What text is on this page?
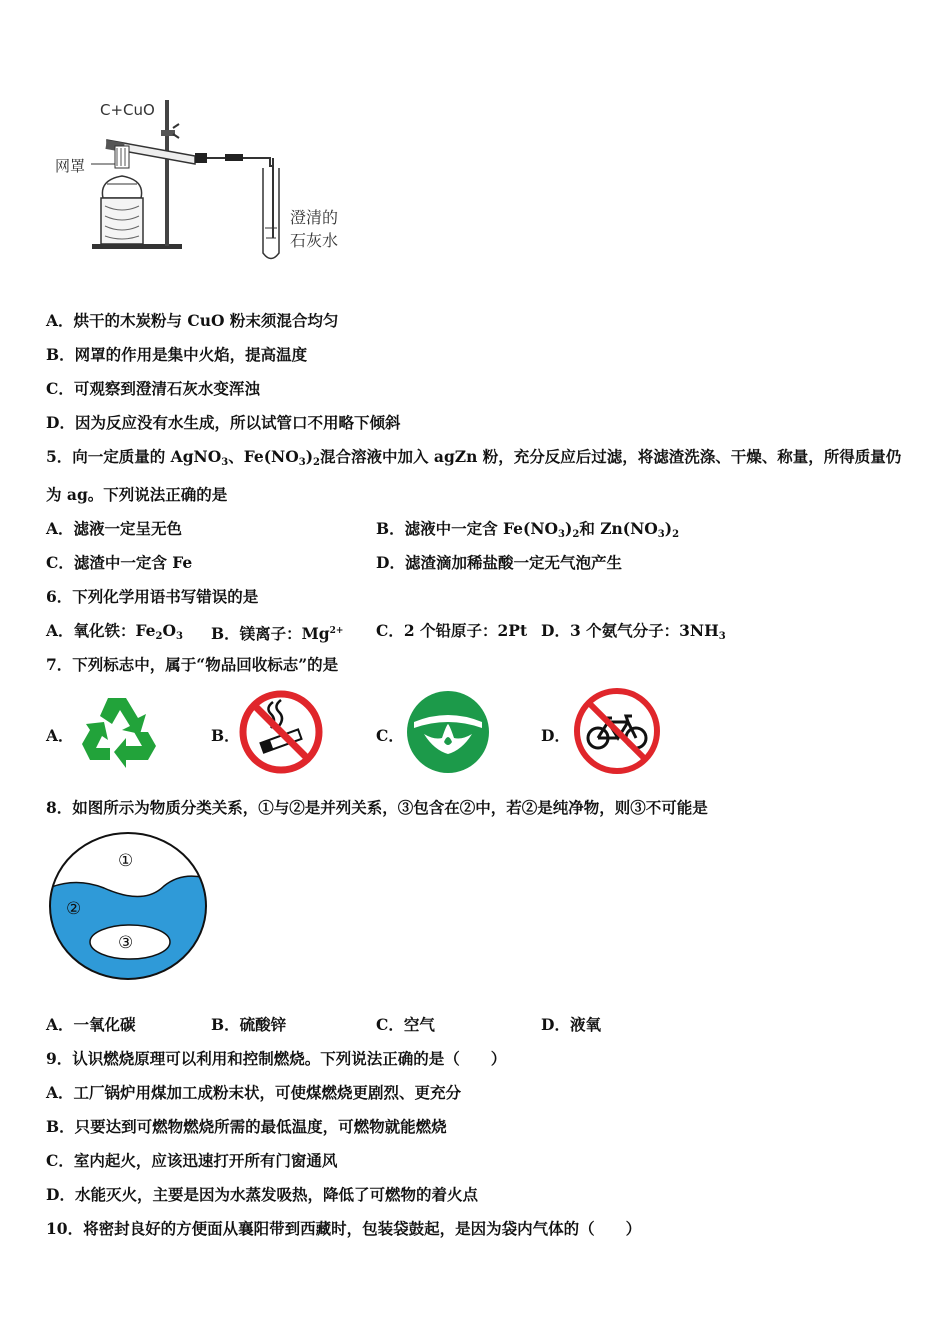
C+CuO
网罩
澄清的
石灰水
A．烘干的木炭粉与 CuO 粉末须混合均匀
B．网罩的作用是集中火焰，提高温度
C．可观察到澄清石灰水变浑浊
D．因为反应没有水生成，所以试管口不用略下倾斜
5．向一定质量的 AgNO$_3$、$Fe(NO_3)_2$混合溶液中加入 agZn 粉，充分反应后过滤，将滤渣洗涤、干燥、称量，所得质量仍
为 ag。下列说法正确的是
A．滤液一定呈无色	B．滤液中一定含 $Fe(NO_3)_2$和 $Zn(NO_3)_2$
C．滤渣中一定含 Fe	D．滤渣滴加稀盐酸一定无气泡产生
6．下列化学用语书写错误的是
A．氧化铁：$Fe_2O_3$ B．镁离子：$Mg^{2+}$ C．2 个铅原子：2Pt D．3 个氨气分子：$3NH_3$
7．下列标志中，属于“物品回收标志”的是
A．	B．	C．	D．
8．如图所示为物质分类关系，①与②是并列关系，③包含在②中，若②是纯净物，则③不可能是
①
②
③
A．一氧化碳	B．硫酸锌	C．空气	D．液氧
9．认识燃烧原理可以利用和控制燃烧。下列说法正确的是（　　）
A．工厂锅炉用煤加工成粉末状，可使煤燃烧更剧烈、更充分
B．只要达到可燃物燃烧所需的最低温度，可燃物就能燃烧
C．室内起火，应该迅速打开所有门窗通风
D．水能灭火，主要是因为水蒸发吸热，降低了可燃物的着火点
10．将密封良好的方便面从襄阳带到西藏时，包装袋鼓起，是因为袋内气体的（　　）
